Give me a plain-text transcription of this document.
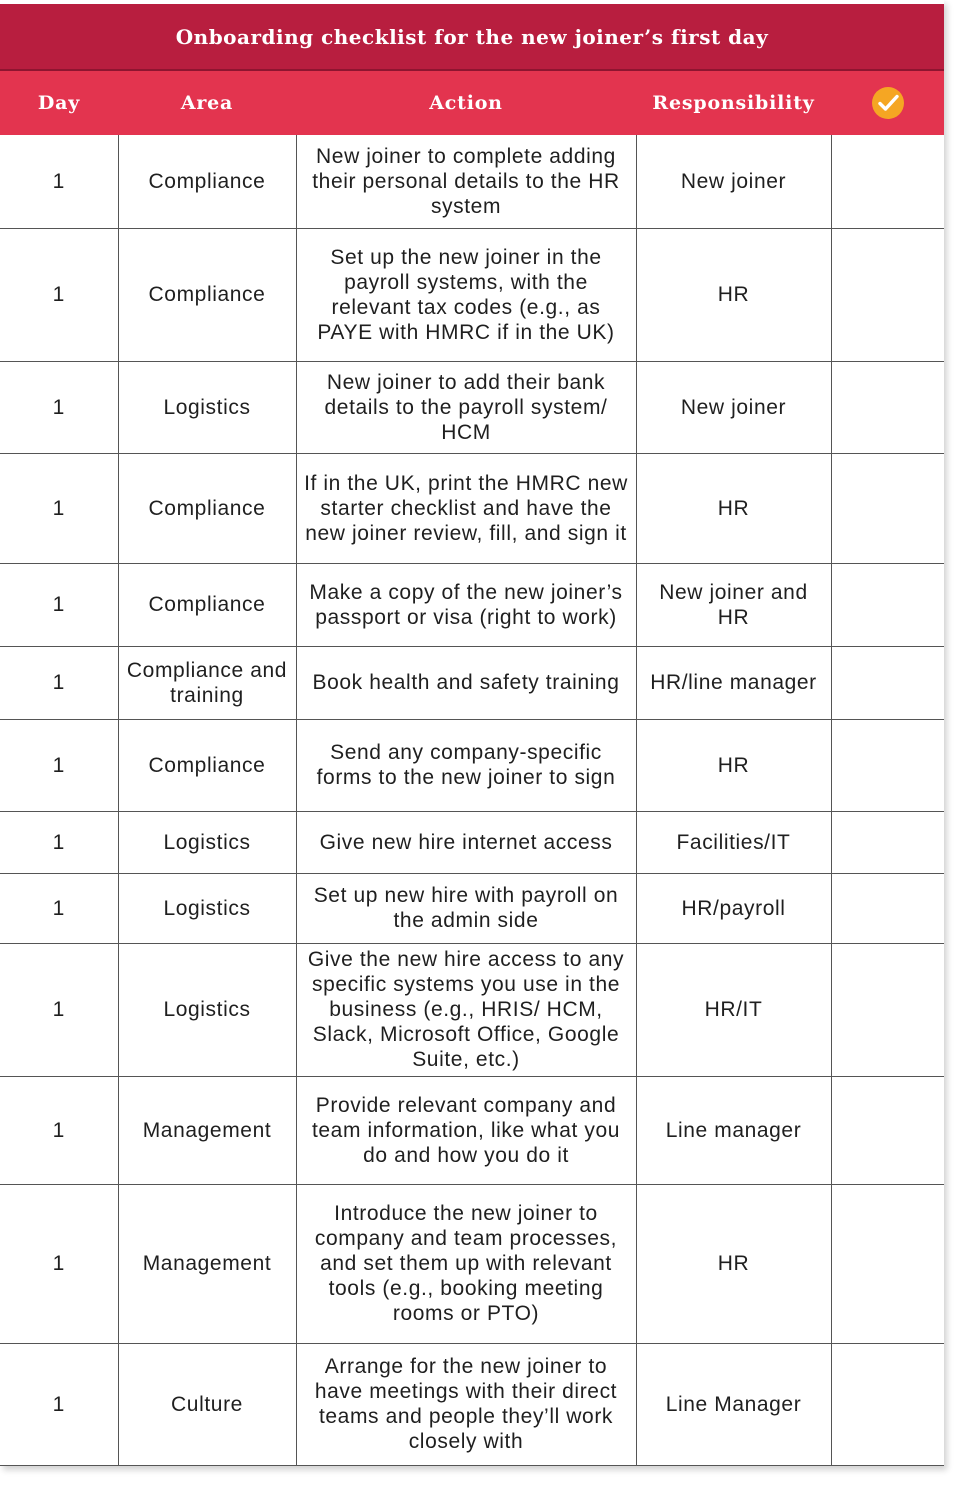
Onboarding checklist for the new joiner’s first day
Day	Area	Action	Responsibility
1	Compliance	New joiner to complete adding their personal details to the HR system	New joiner	
1	Compliance	Set up the new joiner in the payroll systems, with the relevant tax codes (e.g., as PAYE with HMRC if in the UK)	HR	
1	Logistics	New joiner to add their bank details to the payroll system/ HCM	New joiner	
1	Compliance	If in the UK, print the HMRC new starter checklist and have the new joiner review, fill, and sign it	HR	
1	Compliance	Make a copy of the new joiner’s passport or visa (right to work)	New joiner and HR	
1	Compliance and training	Book health and safety training	HR/line manager	
1	Compliance	Send any company-specific forms to the new joiner to sign	HR	
1	Logistics	Give new hire internet access	Facilities/IT	
1	Logistics	Set up new hire with payroll on the admin side	HR/payroll	
1	Logistics	Give the new hire access to any specific systems you use in the business (e.g., HRIS/ HCM, Slack, Microsoft Office, Google Suite, etc.)	HR/IT	
1	Management	Provide relevant company and team information, like what you do and how you do it	Line manager	
1	Management	Introduce the new joiner to company and team processes, and set them up with relevant tools (e.g., booking meeting rooms or PTO)	HR	
1	Culture	Arrange for the new joiner to have meetings with their direct teams and people they’ll work closely with	Line Manager	
